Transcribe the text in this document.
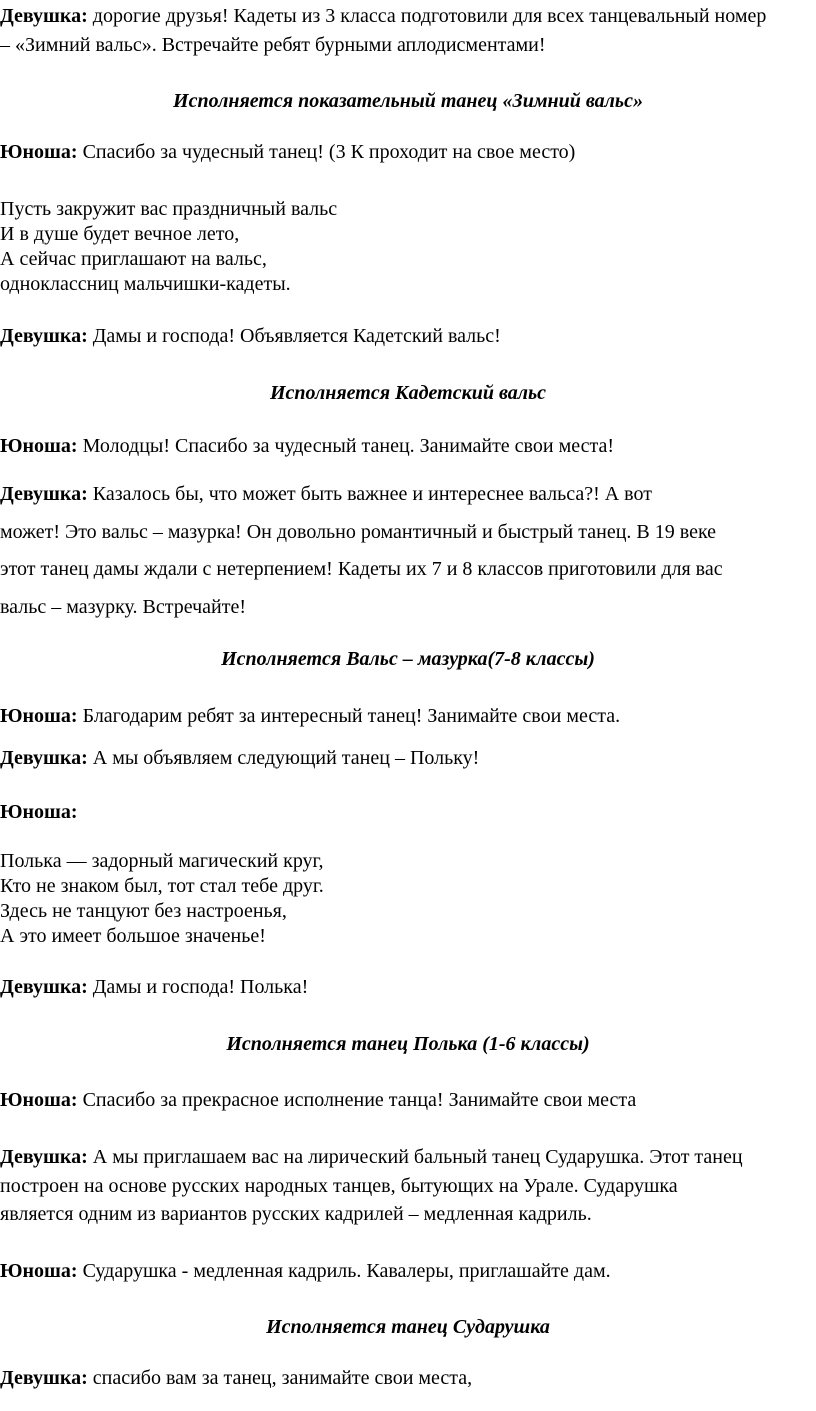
Девушка: дорогие друзья! Кадеты из 3 класса подготовили для всех танцевальный номер
– «Зимний вальс». Встречайте ребят бурными аплодисментами!
Исполняется показательный танец «Зимний вальс»
Юноша: Спасибо за чудесный танец! (3 К проходит на свое место)
Пусть закружит вас праздничный вальс
И в душе будет вечное лето,
А сейчас приглашают на вальс,
одноклассниц мальчишки-кадеты.
Девушка: Дамы и господа! Объявляется Кадетский вальс!
Исполняется Кадетский вальс
Юноша: Молодцы! Спасибо за чудесный танец. Занимайте свои места!
Девушка: Казалось бы, что может быть важнее и интереснее вальса?! А вот
может! Это вальс – мазурка! Он довольно романтичный и быстрый танец. В 19 веке
этот танец дамы ждали с нетерпением! Кадеты их 7 и 8 классов приготовили для вас
вальс – мазурку. Встречайте!
Исполняется Вальс – мазурка(7-8 классы)
Юноша: Благодарим ребят за интересный танец! Занимайте свои места.
Девушка: А мы объявляем следующий танец – Польку!
Юноша:
Полька — задорный магический круг,
Кто не знаком был, тот стал тебе друг.
Здесь не танцуют без настроенья,
А это имеет большое значенье!
Девушка: Дамы и господа! Полька!
Исполняется танец Полька (1-6 классы)
Юноша: Спасибо за прекрасное исполнение танца! Занимайте свои места
Девушка: А мы приглашаем вас на лирический бальный танец Сударушка. Этот танец
построен на основе русских народных танцев, бытующих на Урале. Сударушка
является одним из вариантов русских кадрилей – медленная кадриль.
Юноша: Сударушка - медленная кадриль. Кавалеры, приглашайте дам.
Исполняется танец Сударушка
Девушка: спасибо вам за танец, занимайте свои места,
